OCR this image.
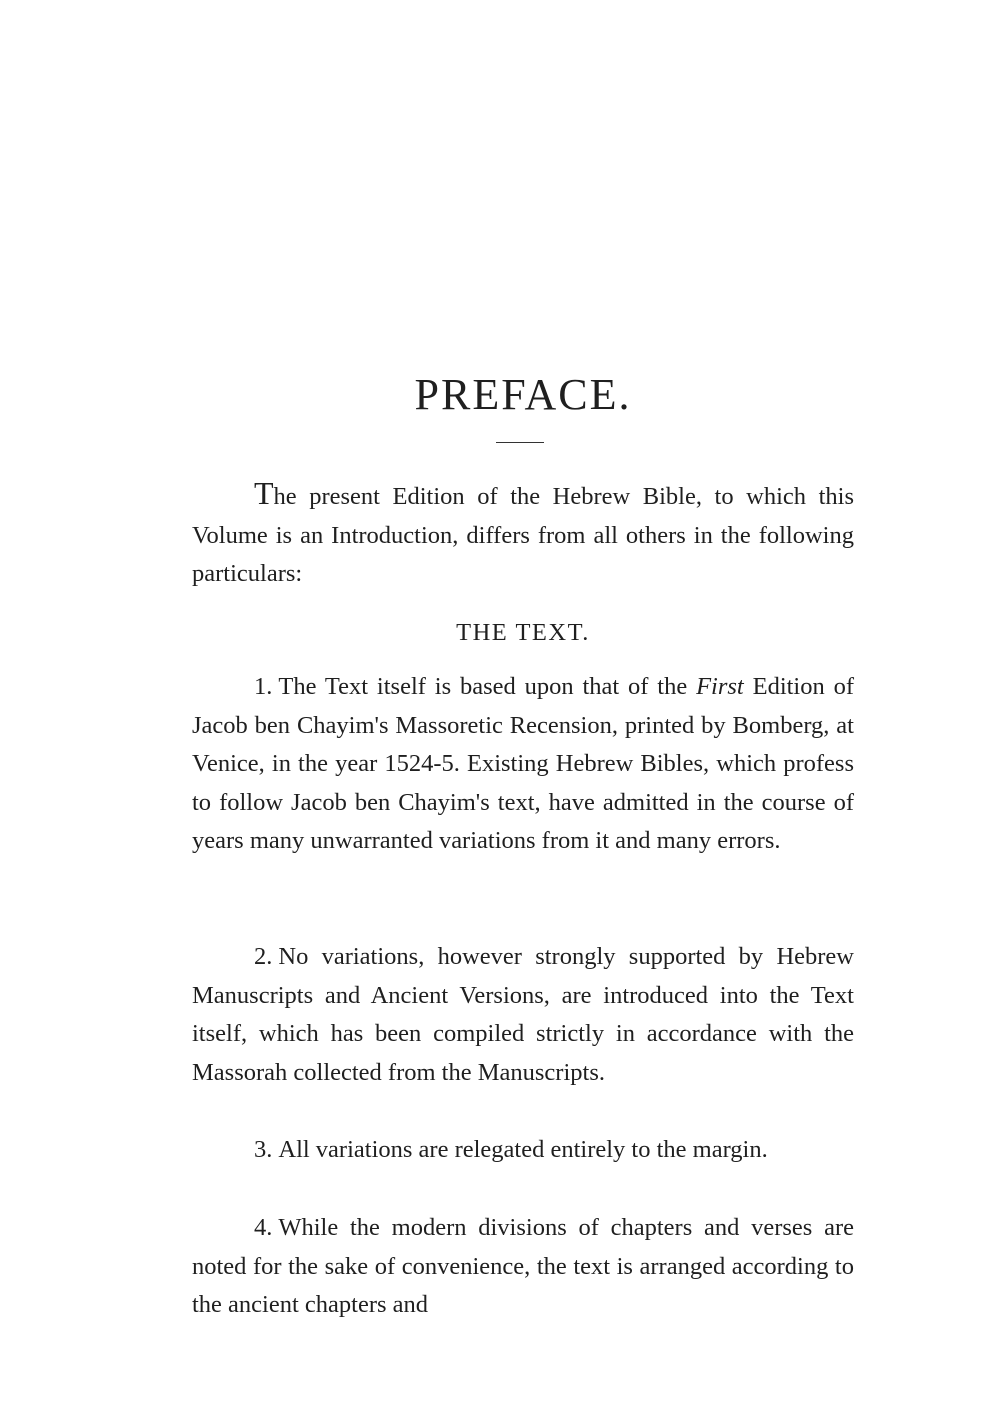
PREFACE.

The present Edition of the Hebrew Bible, to which this Volume is an Introduction, differs from all others in the following particulars:

THE TEXT.

1. The Text itself is based upon that of the First Edition of Jacob ben Chayim's Massoretic Recension, printed by Bomberg, at Venice, in the year 1524-5. Existing Hebrew Bibles, which profess to follow Jacob ben Chayim's text, have admitted in the course of years many unwarranted variations from it and many errors.

2. No variations, however strongly supported by Hebrew Manuscripts and Ancient Versions, are introduced into the Text itself, which has been compiled strictly in accordance with the Massorah collected from the Manuscripts.

3. All variations are relegated entirely to the margin.

4. While the modern divisions of chapters and verses are noted for the sake of convenience, the text is arranged according to the ancient chapters and
